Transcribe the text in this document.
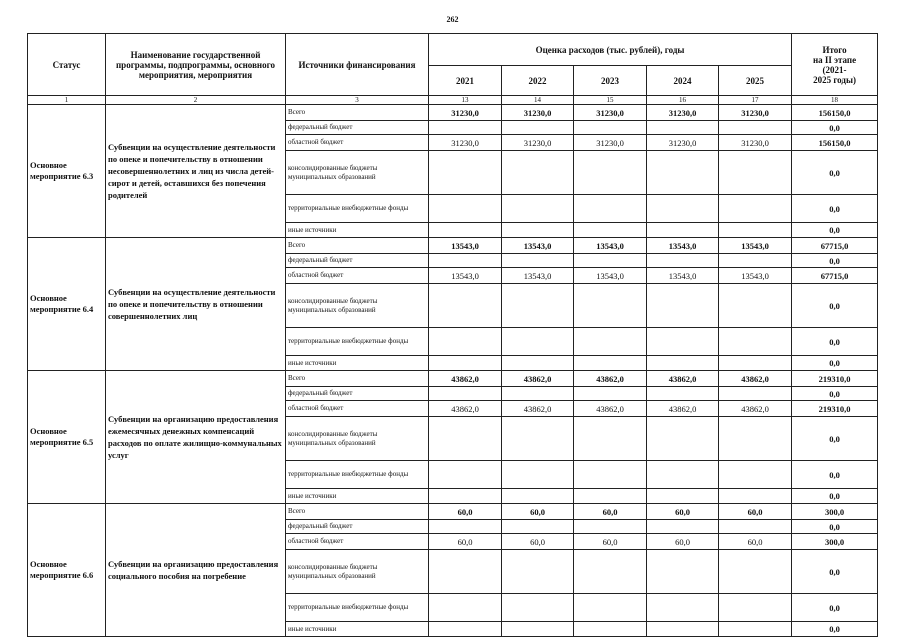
262
Статус	Наименование государственной программы, подпрограммы, основного мероприятия, мероприятия	Источники финансирования	Оценка расходов (тыс. рублей), годы					Итого
на II этапе
(2021-
2025 годы)
			2021	2022	2023	2024	2025	
1	2	3	13	14	15	16	17	18
Основное мероприятие 6.3	Субвенции на осуществление деятельности по опеке и попечительству в отношении несовершеннолетних и лиц из числа детей-сирот и детей, оставшихся без попечения родителей	Всего	31230,0	31230,0	31230,0	31230,0	31230,0	156150,0
		федеральный бюджет						0,0
		областной бюджет	31230,0	31230,0	31230,0	31230,0	31230,0	156150,0
		консолидированные бюджеты муниципальных образований						0,0
		территориальные внебюджетные фонды						0,0
		иные источники						0,0
Основное мероприятие 6.4	Субвенции на осуществление деятельности по опеке и попечительству в отношении совершеннолетних лиц	Всего	13543,0	13543,0	13543,0	13543,0	13543,0	67715,0
		федеральный бюджет						0,0
		областной бюджет	13543,0	13543,0	13543,0	13543,0	13543,0	67715,0
		консолидированные бюджеты муниципальных образований						0,0
		территориальные внебюджетные фонды						0,0
		иные источники						0,0
Основное мероприятие 6.5	Субвенции на организацию предоставления ежемесячных денежных компенсаций расходов по оплате жилищно-коммунальных услуг	Всего	43862,0	43862,0	43862,0	43862,0	43862,0	219310,0
		федеральный бюджет						0,0
		областной бюджет	43862,0	43862,0	43862,0	43862,0	43862,0	219310,0
		консолидированные бюджеты муниципальных образований						0,0
		территориальные внебюджетные фонды						0,0
		иные источники						0,0
Основное мероприятие 6.6	Субвенции на организацию предоставления социального пособия на погребение	Всего	60,0	60,0	60,0	60,0	60,0	300,0
		федеральный бюджет						0,0
		областной бюджет	60,0	60,0	60,0	60,0	60,0	300,0
		консолидированные бюджеты муниципальных образований						0,0
		территориальные внебюджетные фонды						0,0
		иные источники						0,0
